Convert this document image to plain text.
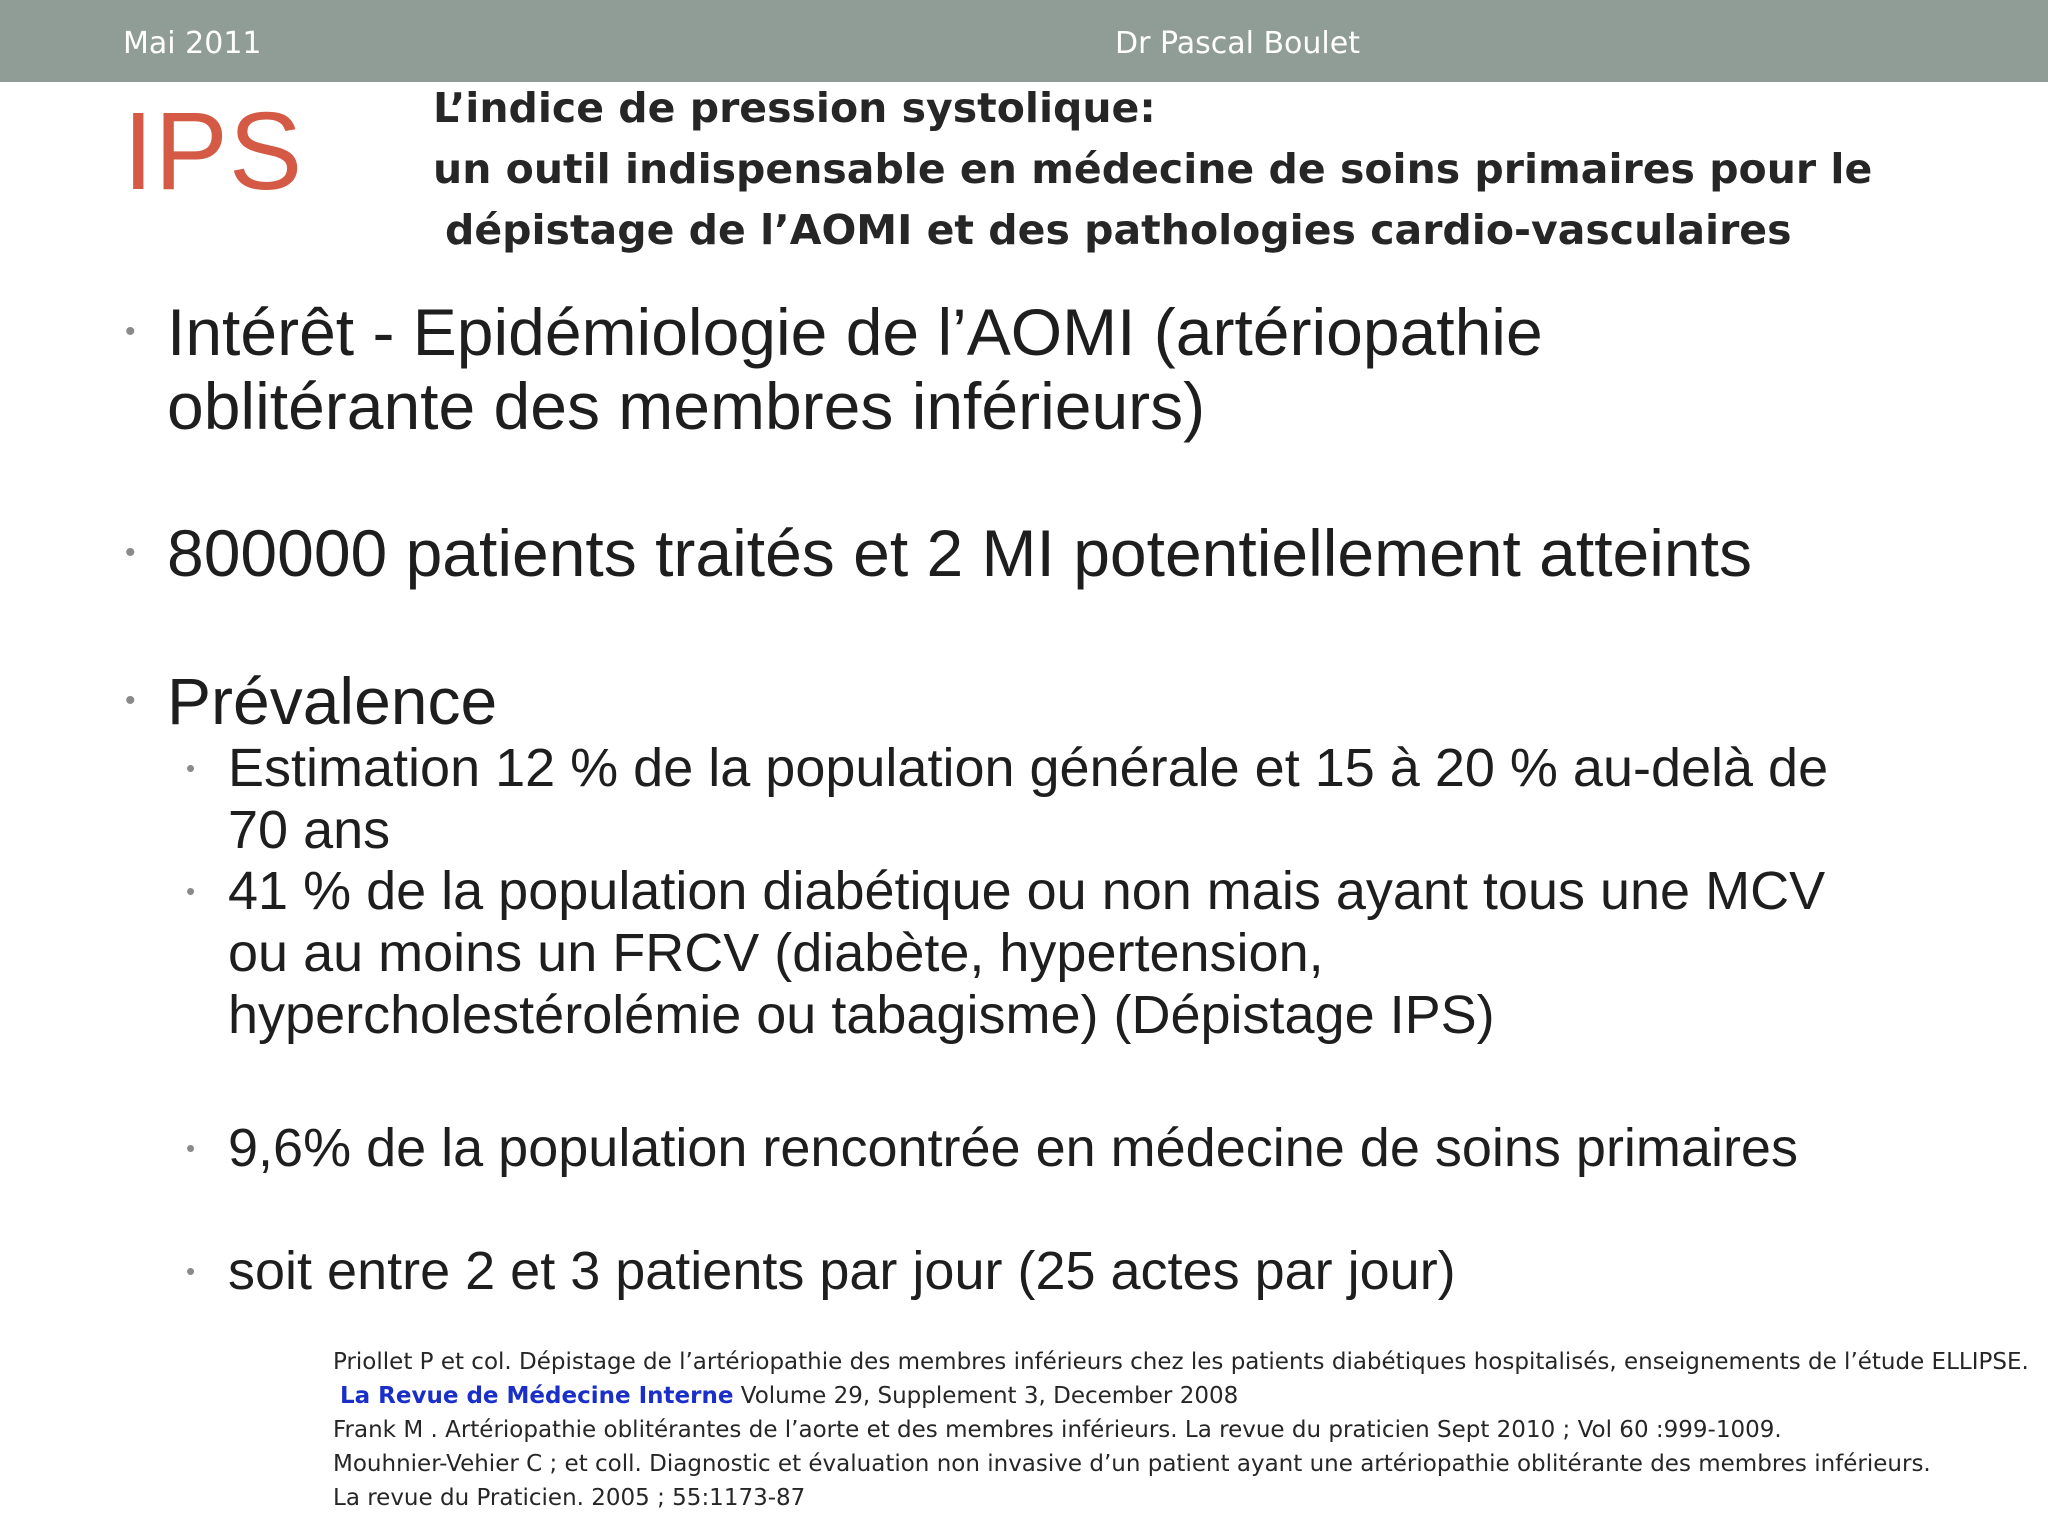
Mai 2011	Dr Pascal Boulet
IPS	L’indice de pression systolique:
un outil indispensable en médecine de soins primaires pour le
dépistage de l’AOMI et des pathologies cardio-vasculaires
• Intérêt - Epidémiologie de l’AOMI (artériopathie
oblitérante des membres inférieurs)
• 800000 patients traités et 2 MI potentiellement atteints
• Prévalence
• Estimation 12 % de la population générale et 15 à 20 % au-delà de
70 ans
• 41 % de la population diabétique ou non mais ayant tous une MCV
ou au moins un FRCV (diabète, hypertension,
hypercholestérolémie ou tabagisme) (Dépistage IPS)
• 9,6% de la population rencontrée en médecine de soins primaires
• soit entre 2 et 3 patients par jour (25 actes par jour)
Priollet P et col. Dépistage de l’artériopathie des membres inférieurs chez les patients diabétiques hospitalisés, enseignements de l’étude ELLIPSE.
La Revue de Médecine Interne Volume 29, Supplement 3, December 2008
Frank M . Artériopathie oblitérantes de l’aorte et des membres inférieurs. La revue du praticien Sept 2010 ; Vol 60 :999-1009.
Mouhnier-Vehier C ; et coll. Diagnostic et évaluation non invasive d’un patient ayant une artériopathie oblitérante des membres inférieurs.
La revue du Praticien. 2005 ; 55:1173-87
